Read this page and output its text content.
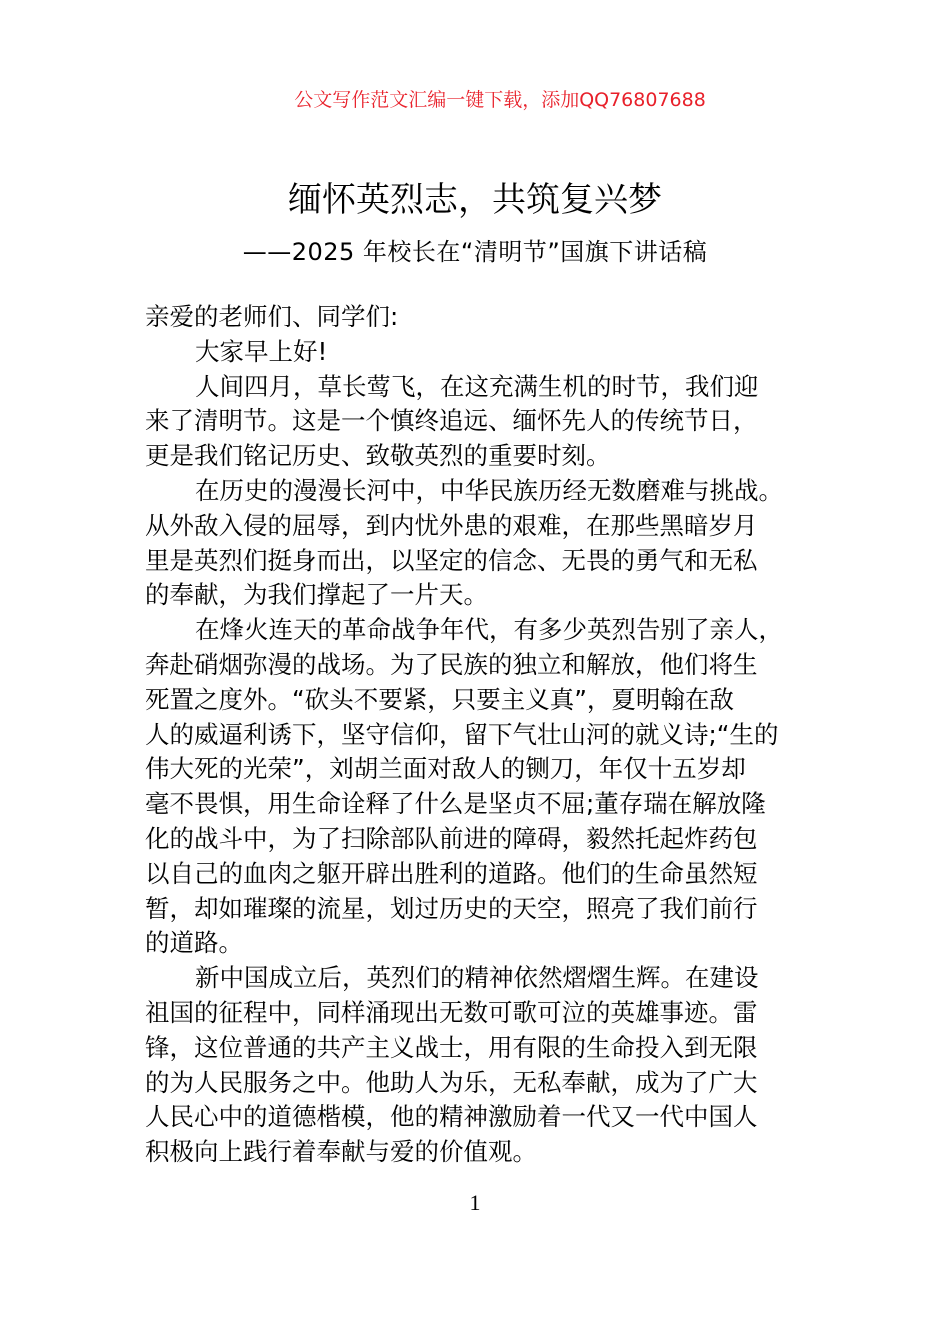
公文写作范文汇编一键下载，添加QQ76807688
缅怀英烈志，共筑复兴梦
——2025 年校长在“清明节”国旗下讲话稿
亲爱的老师们、同学们:
大家早上好!
人间四月，草长莺飞，在这充满生机的时节，我们迎
来了清明节。这是一个慎终追远、缅怀先人的传统节日，
更是我们铭记历史、致敬英烈的重要时刻。
在历史的漫漫长河中，中华民族历经无数磨难与挑战。
从外敌入侵的屈辱，到内忧外患的艰难，在那些黑暗岁月
里是英烈们挺身而出，以坚定的信念、无畏的勇气和无私
的奉献，为我们撑起了一片天。
在烽火连天的革命战争年代，有多少英烈告别了亲人，
奔赴硝烟弥漫的战场。为了民族的独立和解放，他们将生
死置之度外。“砍头不要紧，只要主义真”，夏明翰在敌
人的威逼利诱下，坚守信仰，留下气壮山河的就义诗;“生的
伟大死的光荣”，刘胡兰面对敌人的铡刀，年仅十五岁却
毫不畏惧，用生命诠释了什么是坚贞不屈;董存瑞在解放隆
化的战斗中，为了扫除部队前进的障碍，毅然托起炸药包
以自己的血肉之躯开辟出胜利的道路。他们的生命虽然短
暂，却如璀璨的流星，划过历史的天空，照亮了我们前行
的道路。
新中国成立后，英烈们的精神依然熠熠生辉。在建设
祖国的征程中，同样涌现出无数可歌可泣的英雄事迹。雷
锋，这位普通的共产主义战士，用有限的生命投入到无限
的为人民服务之中。他助人为乐，无私奉献，成为了广大
人民心中的道德楷模，他的精神激励着一代又一代中国人
积极向上践行着奉献与爱的价值观。
1
